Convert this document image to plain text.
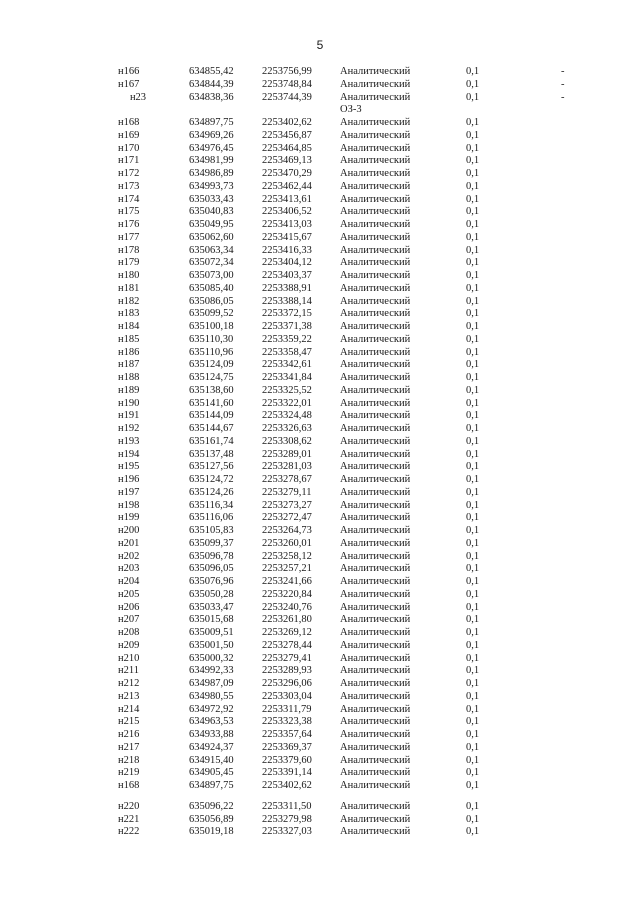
5
н166	634855,42	2253756,99	Аналитический	0,1	-
н167	634844,39	2253748,84	Аналитический	0,1	-
н23	634838,36	2253744,39	Аналитический	0,1	-
ОЗ-3
н168	634897,75	2253402,62	Аналитический	0,1
н169	634969,26	2253456,87	Аналитический	0,1
н170	634976,45	2253464,85	Аналитический	0,1
н171	634981,99	2253469,13	Аналитический	0,1
н172	634986,89	2253470,29	Аналитический	0,1
н173	634993,73	2253462,44	Аналитический	0,1
н174	635033,43	2253413,61	Аналитический	0,1
н175	635040,83	2253406,52	Аналитический	0,1
н176	635049,95	2253413,03	Аналитический	0,1
н177	635062,60	2253415,67	Аналитический	0,1
н178	635063,34	2253416,33	Аналитический	0,1
н179	635072,34	2253404,12	Аналитический	0,1
н180	635073,00	2253403,37	Аналитический	0,1
н181	635085,40	2253388,91	Аналитический	0,1
н182	635086,05	2253388,14	Аналитический	0,1
н183	635099,52	2253372,15	Аналитический	0,1
н184	635100,18	2253371,38	Аналитический	0,1
н185	635110,30	2253359,22	Аналитический	0,1
н186	635110,96	2253358,47	Аналитический	0,1
н187	635124,09	2253342,61	Аналитический	0,1
н188	635124,75	2253341,84	Аналитический	0,1
н189	635138,60	2253325,52	Аналитический	0,1
н190	635141,60	2253322,01	Аналитический	0,1
н191	635144,09	2253324,48	Аналитический	0,1
н192	635144,67	2253326,63	Аналитический	0,1
н193	635161,74	2253308,62	Аналитический	0,1
н194	635137,48	2253289,01	Аналитический	0,1
н195	635127,56	2253281,03	Аналитический	0,1
н196	635124,72	2253278,67	Аналитический	0,1
н197	635124,26	2253279,11	Аналитический	0,1
н198	635116,34	2253273,27	Аналитический	0,1
н199	635116,06	2253272,47	Аналитический	0,1
н200	635105,83	2253264,73	Аналитический	0,1
н201	635099,37	2253260,01	Аналитический	0,1
н202	635096,78	2253258,12	Аналитический	0,1
н203	635096,05	2253257,21	Аналитический	0,1
н204	635076,96	2253241,66	Аналитический	0,1
н205	635050,28	2253220,84	Аналитический	0,1
н206	635033,47	2253240,76	Аналитический	0,1
н207	635015,68	2253261,80	Аналитический	0,1
н208	635009,51	2253269,12	Аналитический	0,1
н209	635001,50	2253278,44	Аналитический	0,1
н210	635000,32	2253279,41	Аналитический	0,1
н211	634992,33	2253289,93	Аналитический	0,1
н212	634987,09	2253296,06	Аналитический	0,1
н213	634980,55	2253303,04	Аналитический	0,1
н214	634972,92	2253311,79	Аналитический	0,1
н215	634963,53	2253323,38	Аналитический	0,1
н216	634933,88	2253357,64	Аналитический	0,1
н217	634924,37	2253369,37	Аналитический	0,1
н218	634915,40	2253379,60	Аналитический	0,1
н219	634905,45	2253391,14	Аналитический	0,1
н168	634897,75	2253402,62	Аналитический	0,1
н220	635096,22	2253311,50	Аналитический	0,1
н221	635056,89	2253279,98	Аналитический	0,1
н222	635019,18	2253327,03	Аналитический	0,1
